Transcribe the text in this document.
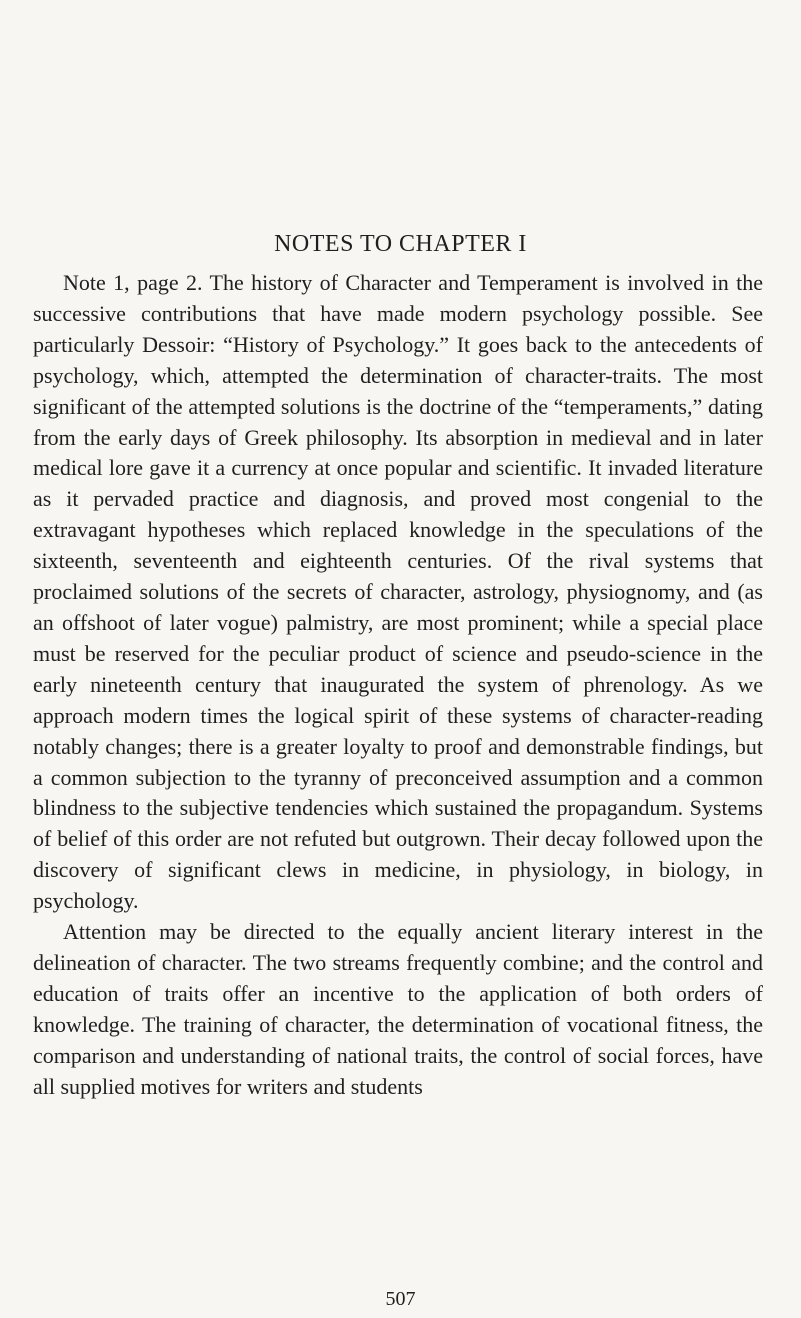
NOTES TO CHAPTER I

Note 1, page 2. The history of Character and Temperament is involved in the successive contributions that have made modern psychology possible. See particularly Dessoir: “History of Psychology.” It goes back to the antecedents of psychology, which, attempted the determination of character-traits. The most significant of the attempted solutions is the doctrine of the “temperaments,” dating from the early days of Greek philosophy. Its absorption in medieval and in later medical lore gave it a currency at once popular and scientific. It invaded literature as it pervaded practice and diagnosis, and proved most congenial to the extravagant hypotheses which replaced knowledge in the speculations of the sixteenth, seventeenth and eighteenth centuries. Of the rival systems that proclaimed solutions of the secrets of character, astrology, physiognomy, and (as an offshoot of later vogue) palmistry, are most prominent; while a special place must be reserved for the peculiar product of science and pseudo-science in the early nineteenth century that inaugurated the system of phrenology. As we approach modern times the logical spirit of these systems of character-reading notably changes; there is a greater loyalty to proof and demonstrable findings, but a common subjection to the tyranny of preconceived assumption and a common blindness to the subjective tendencies which sustained the propagandum. Systems of belief of this order are not refuted but outgrown. Their decay followed upon the discovery of significant clews in medicine, in physiology, in biology, in psychology.

Attention may be directed to the equally ancient literary interest in the delineation of character. The two streams frequently combine; and the control and education of traits offer an incentive to the application of both orders of knowledge. The training of character, the determination of vocational fitness, the comparison and understanding of national traits, the control of social forces, have all supplied motives for writers and students

507
